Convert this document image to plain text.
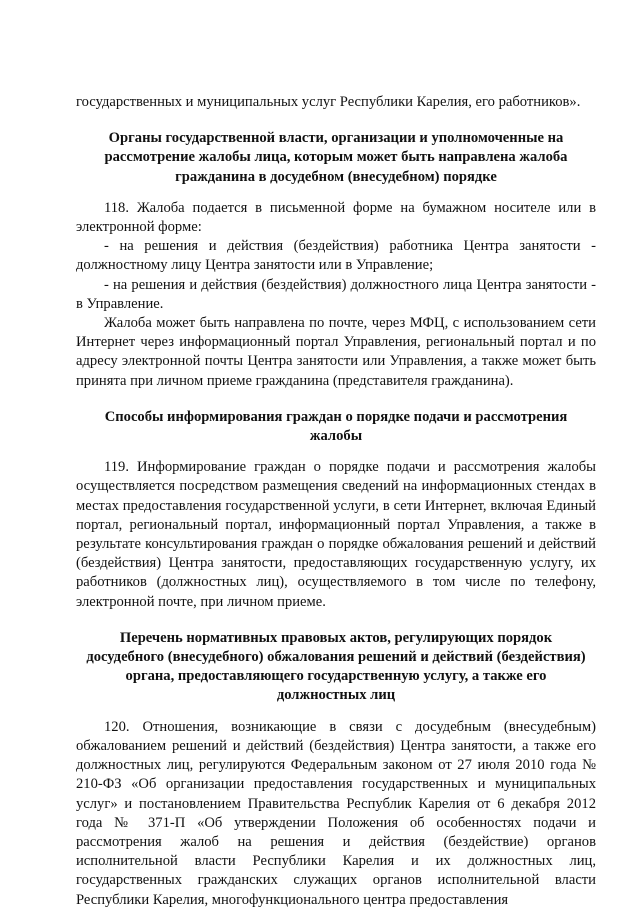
государственных и муниципальных услуг Республики Карелия, его работников».

Органы государственной власти, организации и уполномоченные на рассмотрение жалобы лица, которым может быть направлена жалоба гражданина в досудебном (внесудебном) порядке

118. Жалоба подается в письменной форме на бумажном носителе или в электронной форме:

- на решения и действия (бездействия) работника Центра занятости - должностному лицу Центра занятости или в Управление;

- на решения и действия (бездействия) должностного лица Центра занятости - в Управление.

Жалоба может быть направлена по почте, через МФЦ, с использованием сети Интернет через информационный портал Управления, региональный портал и по адресу электронной почты Центра занятости или Управления, а также может быть принята при личном приеме гражданина (представителя гражданина).

Способы информирования граждан о порядке подачи и рассмотрения жалобы

119. Информирование граждан о порядке подачи и рассмотрения жалобы осуществляется посредством размещения сведений на информационных стендах в местах предоставления государственной услуги, в сети Интернет, включая Единый портал, региональный портал, информационный портал Управления, а также в результате консультирования граждан о порядке обжалования решений и действий (бездействия) Центра занятости, предоставляющих государственную услугу, их работников (должностных лиц), осуществляемого в том числе по телефону, электронной почте, при личном приеме.

Перечень нормативных правовых актов, регулирующих порядок досудебного (внесудебного) обжалования решений и действий (бездействия) органа, предоставляющего государственную услугу, а также его должностных лиц

120. Отношения, возникающие в связи с досудебным (внесудебным) обжалованием решений и действий (бездействия) Центра занятости, а также его должностных лиц, регулируются Федеральным законом от 27 июля 2010 года № 210-ФЗ «Об организации предоставления государственных и муниципальных услуг» и постановлением Правительства Республик Карелия от 6 декабря 2012 года № 371-П «Об утверждении Положения об особенностях подачи и рассмотрения жалоб на решения и действия (бездействие) органов исполнительной власти Республики Карелия и их должностных лиц, государственных гражданских служащих органов исполнительной власти Республики Карелия, многофункционального центра предоставления
